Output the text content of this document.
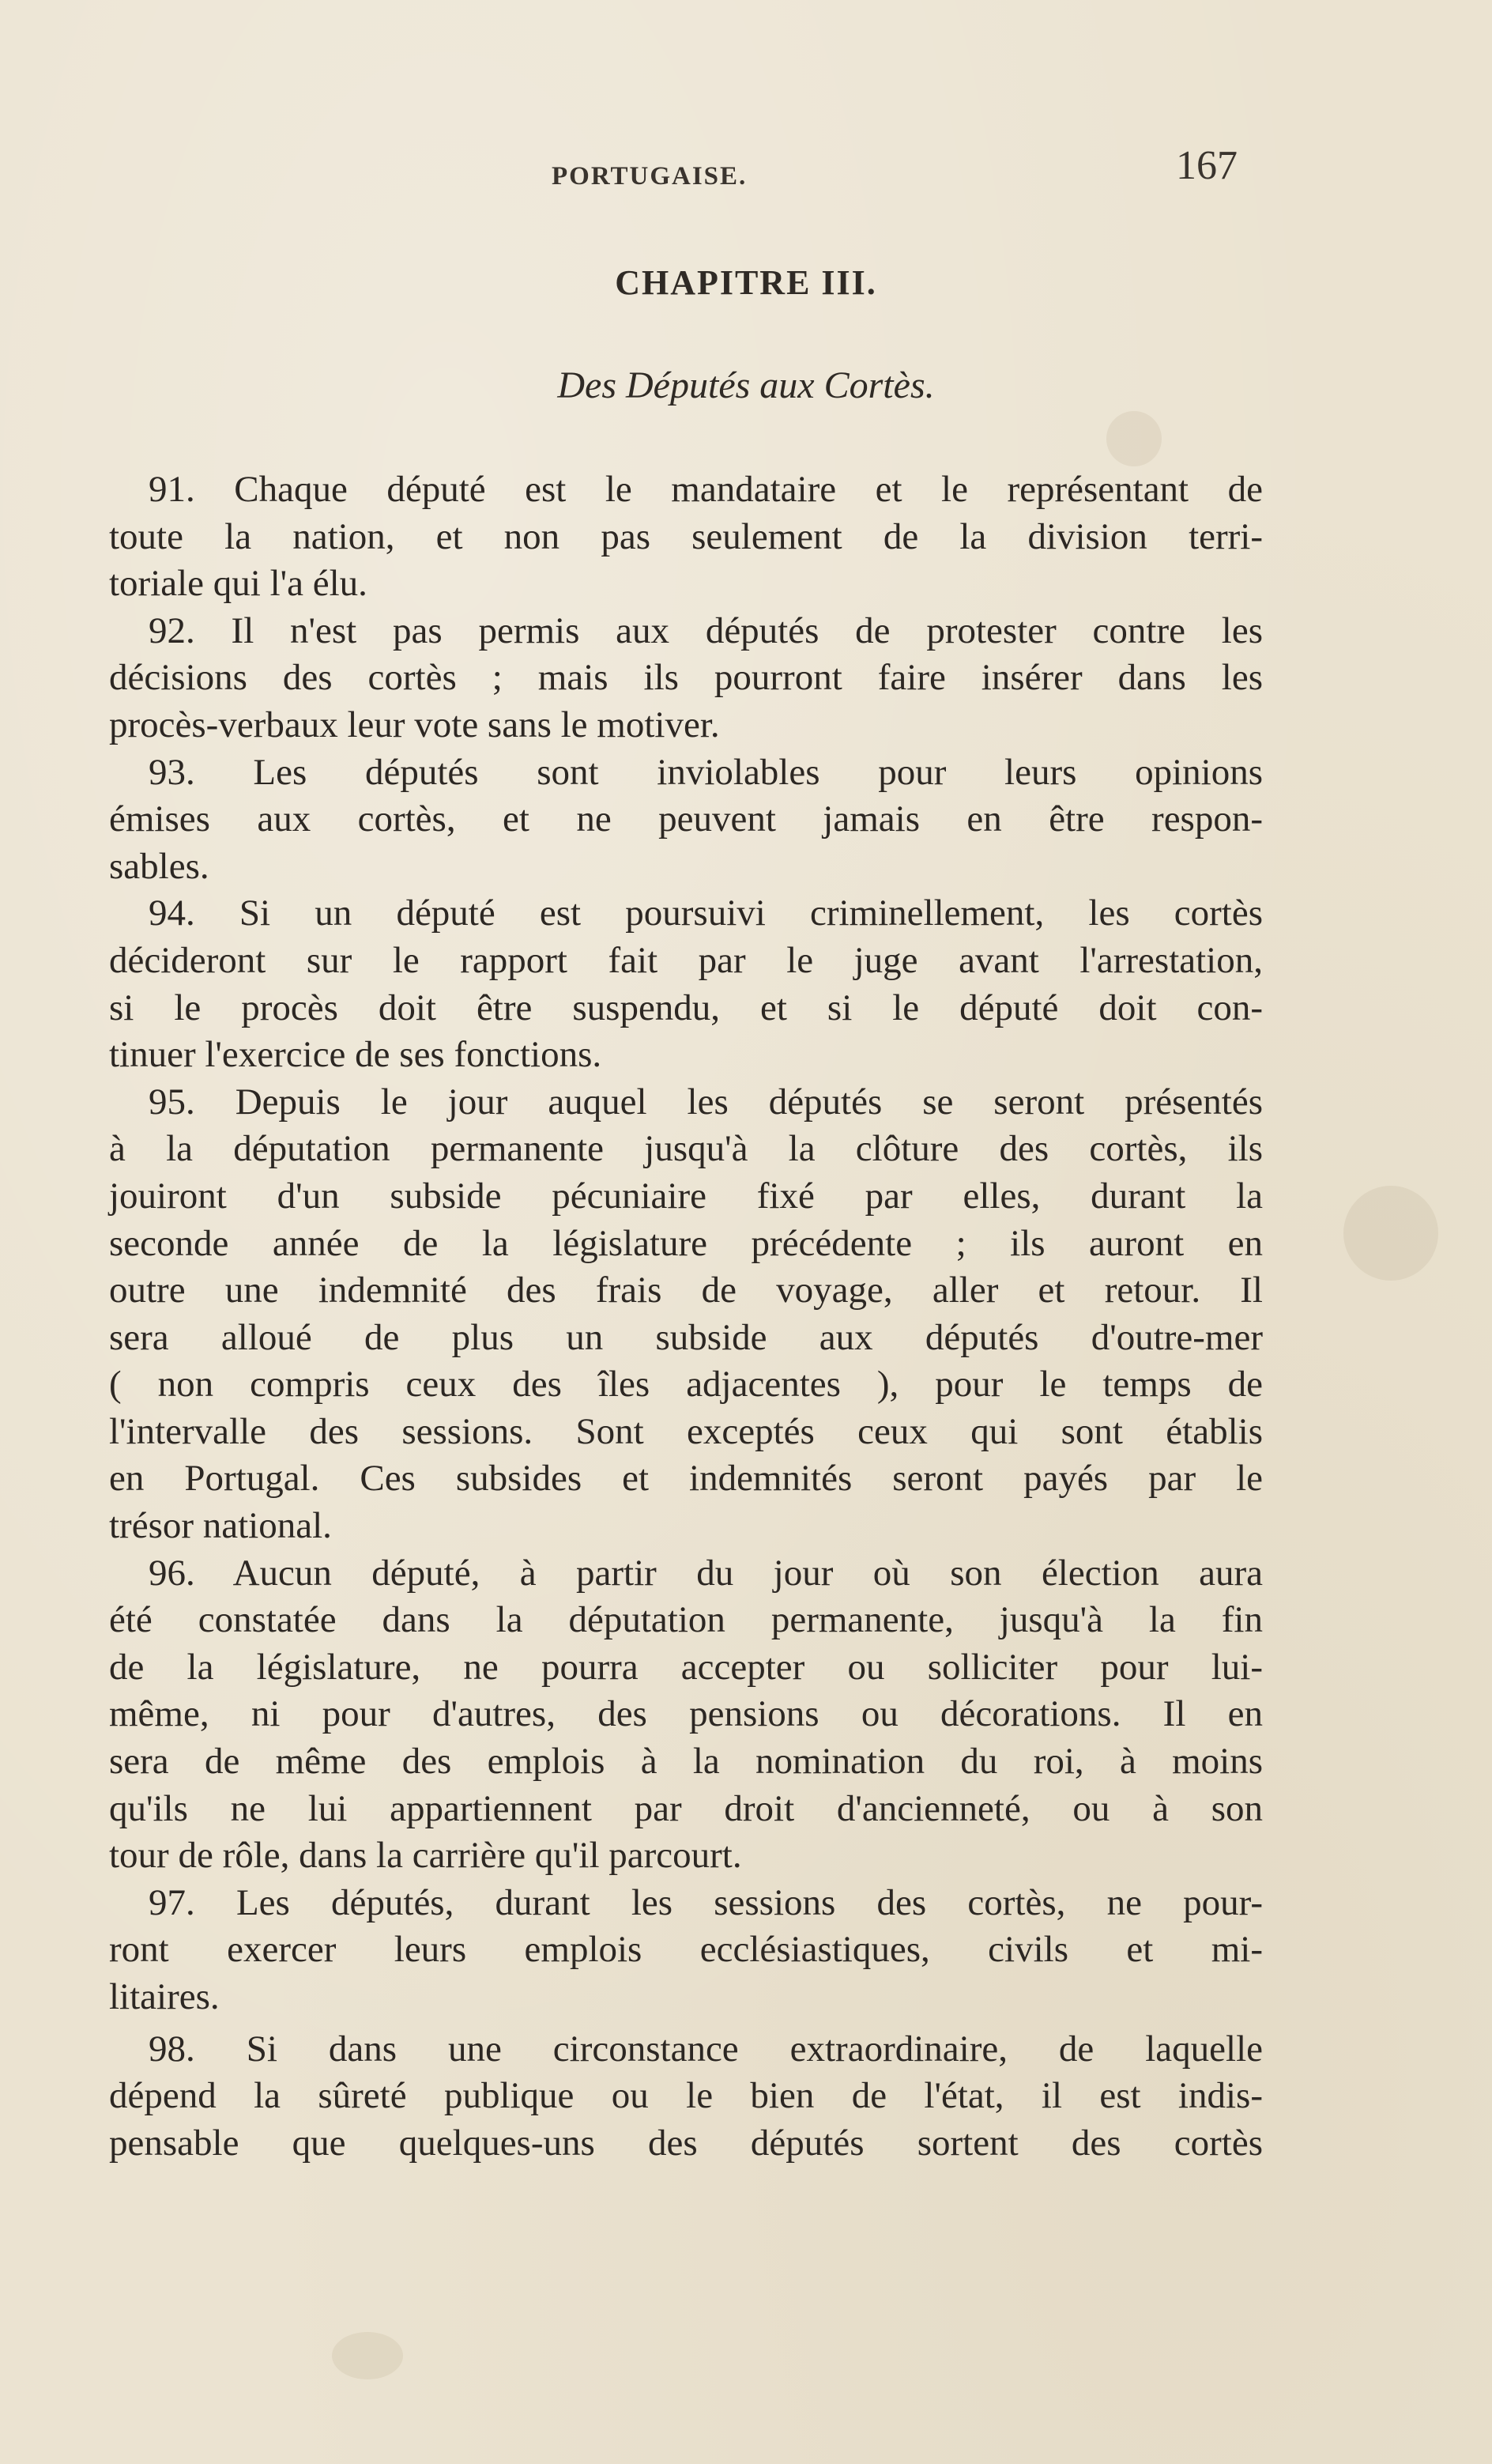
PORTUGAISE.	167
CHAPITRE III.
Des Députés aux Cortès.
91. Chaque député est le mandataire et le représentant de
toute la nation, et non pas seulement de la division terri-
toriale qui l'a élu.
92. Il n'est pas permis aux députés de protester contre les
décisions des cortès ; mais ils pourront faire insérer dans les
procès-verbaux leur vote sans le motiver.
93. Les députés sont inviolables pour leurs opinions
émises aux cortès, et ne peuvent jamais en être respon-
sables.
94. Si un député est poursuivi criminellement, les cortès
décideront sur le rapport fait par le juge avant l'arrestation,
si le procès doit être suspendu, et si le député doit con-
tinuer l'exercice de ses fonctions.
95. Depuis le jour auquel les députés se seront présentés
à la députation permanente jusqu'à la clôture des cortès, ils
jouiront d'un subside pécuniaire fixé par elles, durant la
seconde année de la législature précédente ; ils auront en
outre une indemnité des frais de voyage, aller et retour. Il
sera alloué de plus un subside aux députés d'outre-mer
( non compris ceux des îles adjacentes ), pour le temps de
l'intervalle des sessions. Sont exceptés ceux qui sont établis
en Portugal. Ces subsides et indemnités seront payés par le
trésor national.
96. Aucun député, à partir du jour où son élection aura
été constatée dans la députation permanente, jusqu'à la fin
de la législature, ne pourra accepter ou solliciter pour lui-
même, ni pour d'autres, des pensions ou décorations. Il en
sera de même des emplois à la nomination du roi, à moins
qu'ils ne lui appartiennent par droit d'ancienneté, ou à son
tour de rôle, dans la carrière qu'il parcourt.
97. Les députés, durant les sessions des cortès, ne pour-
ront exercer leurs emplois ecclésiastiques, civils et mi-
litaires.
98. Si dans une circonstance extraordinaire, de laquelle
dépend la sûreté publique ou le bien de l'état, il est indis-
pensable que quelques-uns des députés sortent des cortès
